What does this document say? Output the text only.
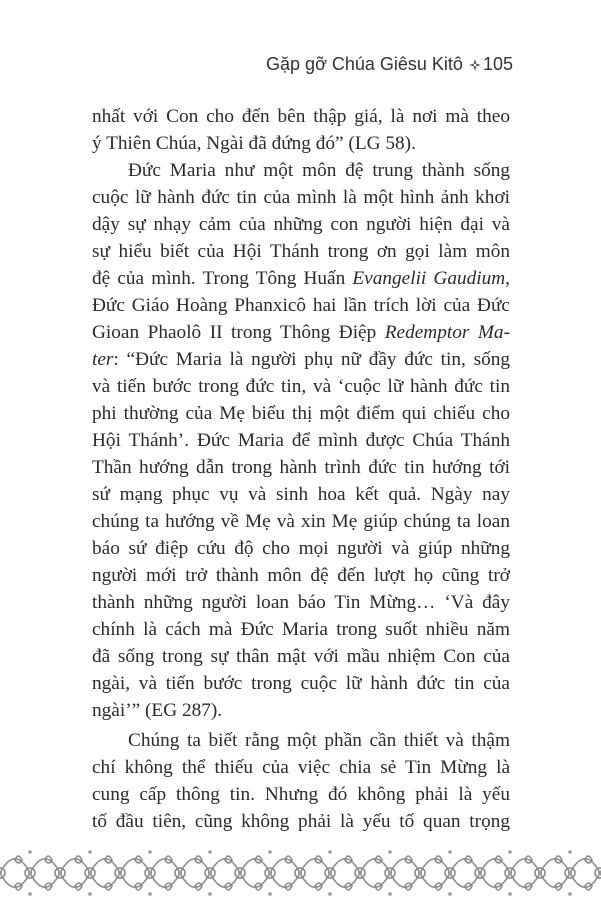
Gặp gỡ Chúa Giêsu Kitô 105
nhất với Con cho đến bên thập giá, là nơi mà theo
ý Thiên Chúa, Ngài đã đứng đó” (LG 58).
Đức Maria như một môn đệ trung thành sống
cuộc lữ hành đức tin của mình là một hình ảnh khơi
dậy sự nhạy cảm của những con người hiện đại và
sự hiểu biết của Hội Thánh trong ơn gọi làm môn
đệ của mình. Trong Tông Huấn Evangelii Gaudium,
Đức Giáo Hoàng Phanxicô hai lần trích lời của Đức
Gioan Phaolô II trong Thông Điệp Redemptor Ma-
ter: “Đức Maria là người phụ nữ đầy đức tin, sống
và tiến bước trong đức tin, và ‘cuộc lữ hành đức tin
phi thường của Mẹ biểu thị một điểm qui chiếu cho
Hội Thánh’. Đức Maria để mình được Chúa Thánh
Thần hướng dẫn trong hành trình đức tin hướng tới
sứ mạng phục vụ và sinh hoa kết quả. Ngày nay
chúng ta hướng về Mẹ và xin Mẹ giúp chúng ta loan
báo sứ điệp cứu độ cho mọi người và giúp những
người mới trở thành môn đệ đến lượt họ cũng trở
thành những người loan báo Tin Mừng… ‘Và đây
chính là cách mà Đức Maria trong suốt nhiều năm
đã sống trong sự thân mật với mầu nhiệm Con của
ngài, và tiến bước trong cuộc lữ hành đức tin của
ngài’” (EG 287).
Chúng ta biết rằng một phần cần thiết và thậm
chí không thể thiếu của việc chia sẻ Tin Mừng là
cung cấp thông tin. Nhưng đó không phải là yếu
tố đầu tiên, cũng không phải là yếu tố quan trọng
